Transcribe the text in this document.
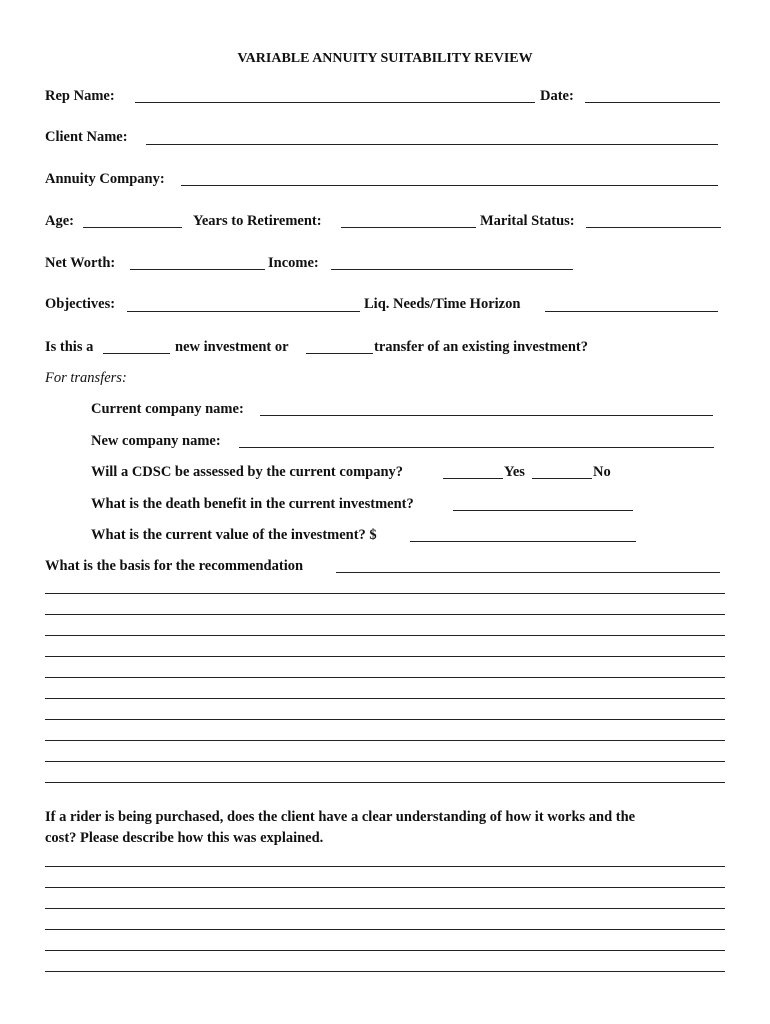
VARIABLE ANNUITY SUITABILITY REVIEW
Rep Name:	Date:
Client Name:
Annuity Company:
Age:	Years to Retirement:	Marital Status:
Net Worth:	Income:
Objectives:	Liq. Needs/Time Horizon
Is this a	new investment or	transfer of an existing investment?
For transfers:
Current company name:
New company name:
Will a CDSC be assessed by the current company?	Yes	No
What is the death benefit in the current investment?
What is the current value of the investment? $
What is the basis for the recommendation
If a rider is being purchased, does the client have a clear understanding of how it works and the
cost? Please describe how this was explained.
